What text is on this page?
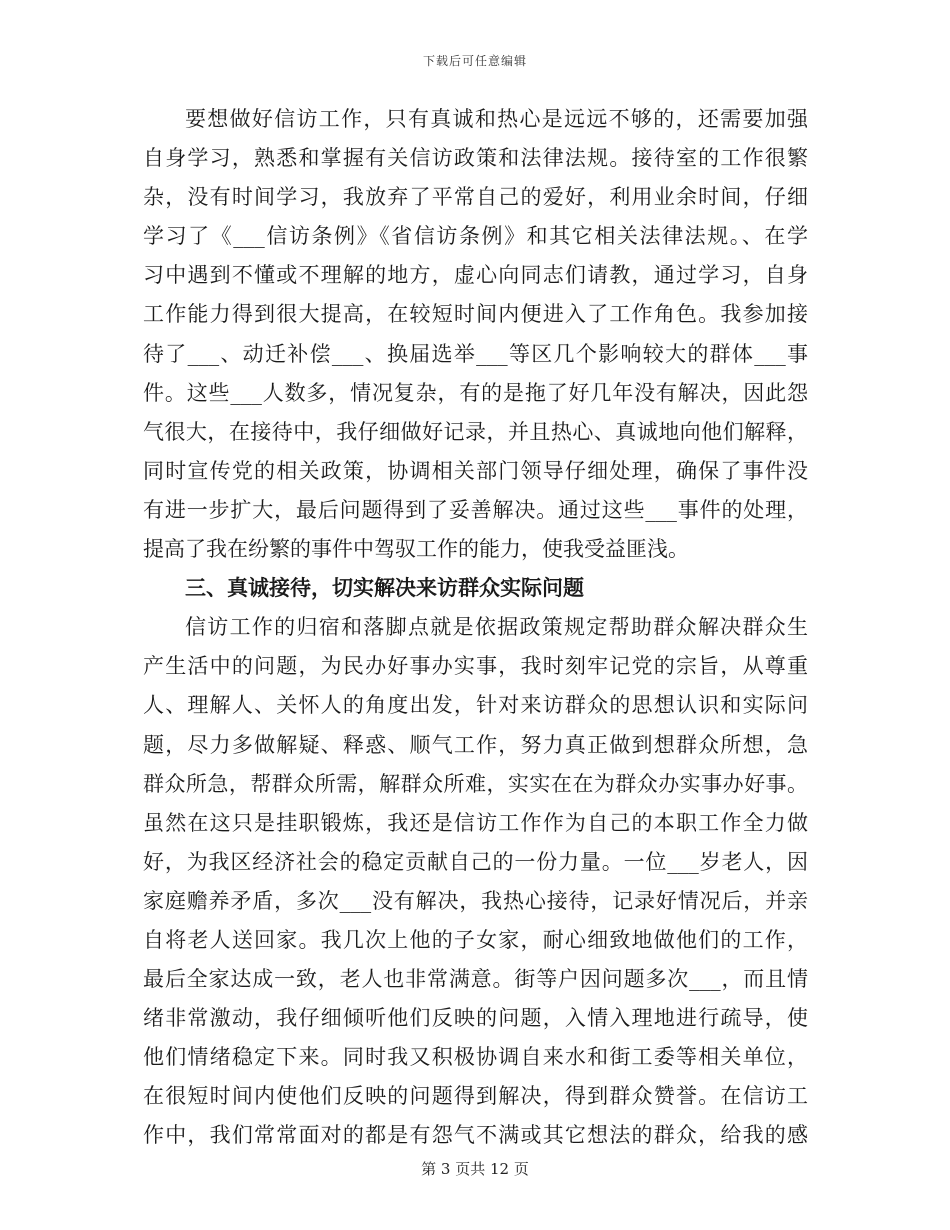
下载后可任意编辑
要想做好信访工作，只有真诚和热心是远远不够的，还需要加强
自身学习，熟悉和掌握有关信访政策和法律法规。接待室的工作很繁
杂，没有时间学习，我放弃了平常自己的爱好，利用业余时间，仔细
学习了《___信访条例》《省信访条例》和其它相关法律法规。、在学
习中遇到不懂或不理解的地方，虚心向同志们请教，通过学习，自身
工作能力得到很大提高，在较短时间内便进入了工作角色。我参加接
待了___、动迁补偿___、换届选举___等区几个影响较大的群体___事
件。这些___人数多，情况复杂，有的是拖了好几年没有解决，因此怨
气很大，在接待中，我仔细做好记录，并且热心、真诚地向他们解释，
同时宣传党的相关政策，协调相关部门领导仔细处理，确保了事件没
有进一步扩大，最后问题得到了妥善解决。通过这些___事件的处理，
提高了我在纷繁的事件中驾驭工作的能力，使我受益匪浅。
三、真诚接待，切实解决来访群众实际问题
信访工作的归宿和落脚点就是依据政策规定帮助群众解决群众生
产生活中的问题，为民办好事办实事，我时刻牢记党的宗旨，从尊重
人、理解人、关怀人的角度出发，针对来访群众的思想认识和实际问
题，尽力多做解疑、释惑、顺气工作，努力真正做到想群众所想，急
群众所急，帮群众所需，解群众所难，实实在在为群众办实事办好事。
虽然在这只是挂职锻炼，我还是信访工作作为自己的本职工作全力做
好，为我区经济社会的稳定贡献自己的一份力量。一位___岁老人，因
家庭赡养矛盾，多次___没有解决，我热心接待，记录好情况后，并亲
自将老人送回家。我几次上他的子女家，耐心细致地做他们的工作，
最后全家达成一致，老人也非常满意。街等户因问题多次___，而且情
绪非常激动，我仔细倾听他们反映的问题，入情入理地进行疏导，使
他们情绪稳定下来。同时我又积极协调自来水和街工委等相关单位，
在很短时间内使他们反映的问题得到解决，得到群众赞誉。在信访工
作中，我们常常面对的都是有怨气不满或其它想法的群众，给我的感
第 3 页共 12 页
